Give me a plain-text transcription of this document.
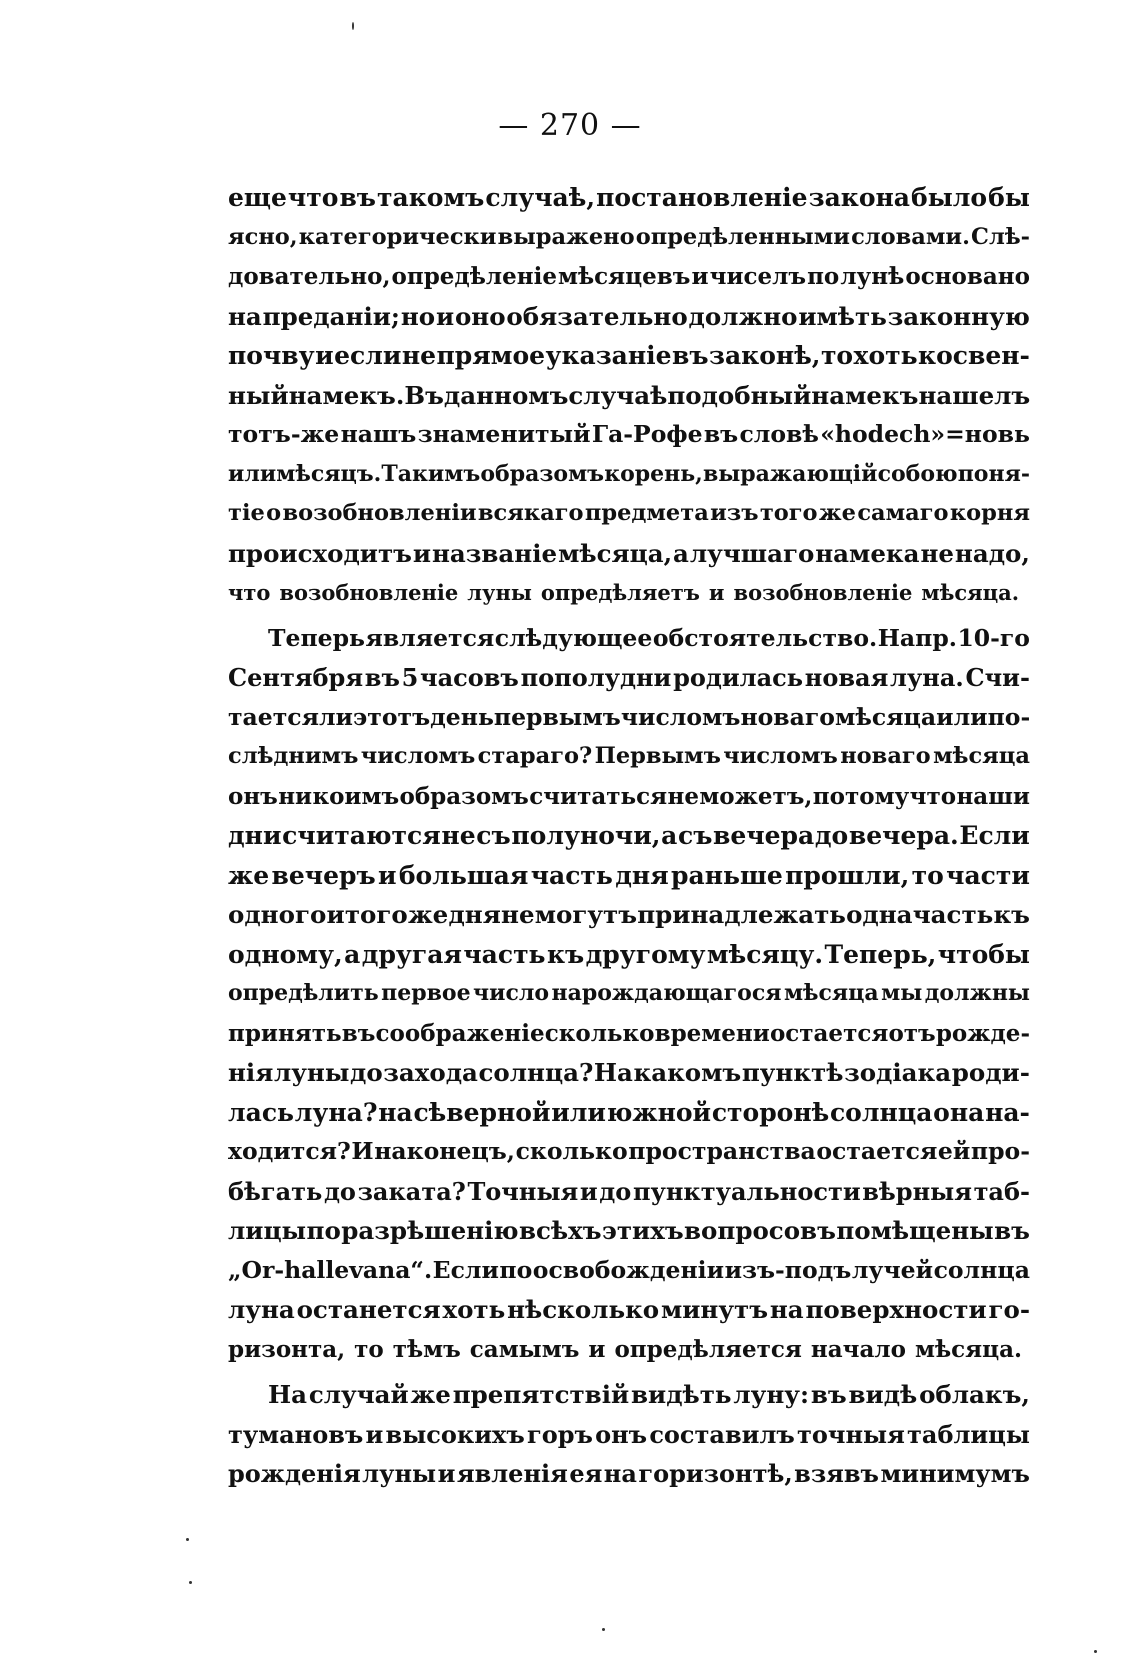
— 270 —
еще что въ такомъ случаѣ, постановленіе закона было бы
ясно, категорически выражено опредѣленными словами. Слѣ-
довательно, опредѣленіе мѣсяцевъ и чиселъ по лунѣ основано
на преданіи; но и оно обязательно должно имѣть законную
почву и если не прямое указаніе въ законѣ, то хоть косвен-
ный намекъ. Въ данномъ случаѣ подобный намекъ нашелъ
тотъ-же нашъ знаменитый Га-Рофе въ словѣ «hodech»=новь
или мѣсяцъ. Такимъ образомъ корень, выражающій собою поня-
тіе о возобновленіи всякаго предмета изъ того же самаго корня
происходитъ и названіе мѣсяца, а лучшаго намека не надо,
что возобновленіе луны опредѣляетъ и возобновленіе мѣсяца.
Теперь является слѣдующее обстоятельство. Напр. 10-го
Сентября въ 5 часовъ пополудни родилась новая луна. Счи-
тается ли этотъ день первымъ числомъ новаго мѣсяца или по-
слѣднимъ числомъ стараго? Первымъ числомъ новаго мѣсяца
онъ ни коимъ образомъ считаться не можетъ, потому что наши
дни считаются не съ полуночи, а съ вечера до вечера. Если
же вечеръ и большая часть дня раньше прошли, то части
одного и того же дня не могутъ принадлежать одна часть къ
одному, а другая часть къ другому мѣсяцу. Теперь, чтобы
опредѣлить первое число нарождающагося мѣсяца мы должны
принять въ соображеніе сколько времени остается отъ рожде-
нія луны до захода солнца? На какомъ пунктѣ зодіака роди-
лась луна? на сѣверной или южной сторонѣ солнца она на-
ходится? И наконецъ, сколько пространства остается ей про-
бѣгать до заката? Точныя и до пунктуальности вѣрныя таб-
лицы по разрѣшенію всѣхъ этихъ вопросовъ помѣщены въ
„Or-hallevana“. Если по освобожденіи изъ-подъ лучей солнца
луна останется хоть нѣсколько минутъ на поверхности го-
ризонта, то тѣмъ самымъ и опредѣляется начало мѣсяца.
На случай же препятствій видѣть луну: въ видѣ облакъ,
тумановъ и высокихъ горъ онъ составилъ точныя таблицы
рожденія луны и явленія ея на горизонтѣ, взявъ минимумъ
